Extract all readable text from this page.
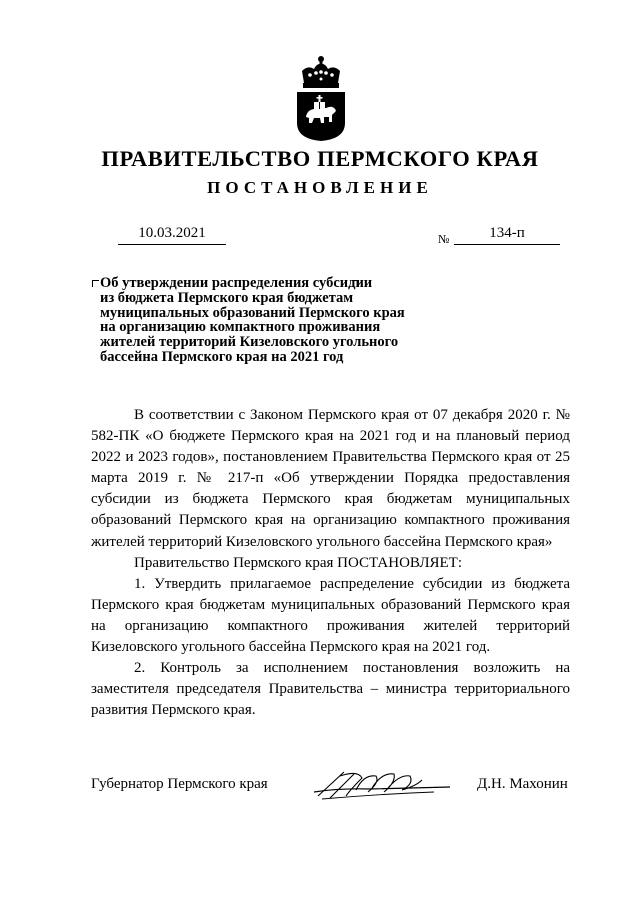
ПРАВИТЕЛЬСТВО ПЕРМСКОГО КРАЯ
ПОСТАНОВЛЕНИЕ
10.03.2021	№	134-п
Об утверждении распределения субсидии
из бюджета Пермского края бюджетам
муниципальных образований Пермского края
на организацию компактного проживания
жителей территорий Кизеловского угольного
бассейна Пермского края на 2021 год

В соответствии с Законом Пермского края от 07 декабря 2020 г. № 582-ПК «О бюджете Пермского края на 2021 год и на плановый период 2022 и 2023 годов», постановлением Правительства Пермского края от 25 марта 2019 г. № 217-п «Об утверждении Порядка предоставления субсидии из бюджета Пермского края бюджетам муниципальных образований Пермского края на организацию компактного проживания жителей территорий Кизеловского угольного бассейна Пермского края»

Правительство Пермского края ПОСТАНОВЛЯЕТ:

1. Утвердить прилагаемое распределение субсидии из бюджета Пермского края бюджетам муниципальных образований Пермского края на организацию компактного проживания жителей территорий Кизеловского угольного бассейна Пермского края на 2021 год.

2. Контроль за исполнением постановления возложить на заместителя председателя Правительства – министра территориального развития Пермского края.

Губернатор Пермского края	Д.Н. Махонин
